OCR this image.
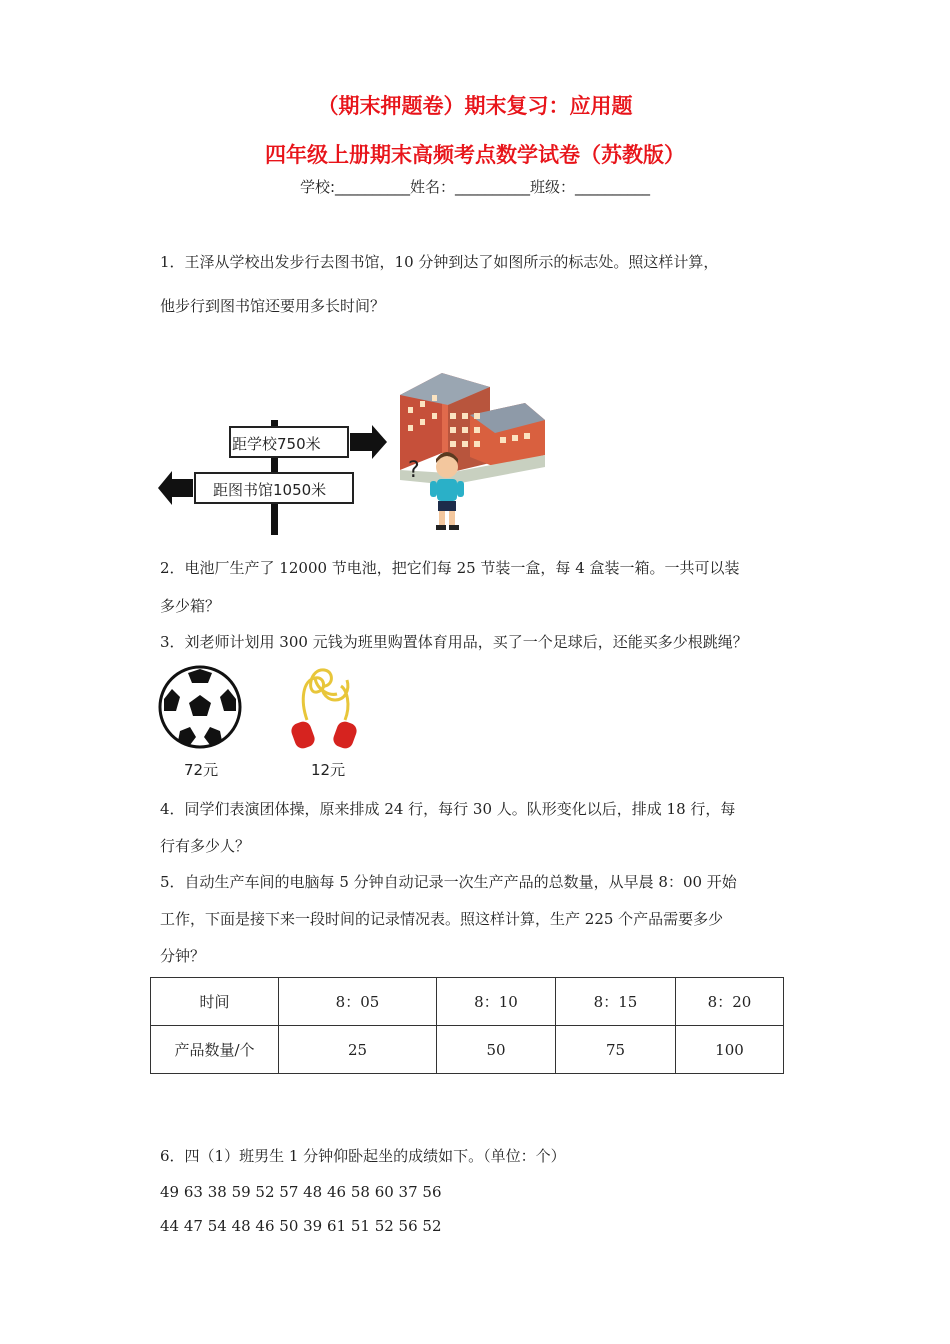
（期末押题卷）期末复习：应用题
四年级上册期末高频考点数学试卷（苏教版）
学校:__________姓名：__________班级：__________
1．王泽从学校出发步行去图书馆，10 分钟到达了如图所示的标志处。照这样计算，
他步行到图书馆还要用多长时间？
距学校750米
距图书馆1050米
?
2．电池厂生产了 12000 节电池，把它们每 25 节装一盒，每 4 盒装一箱。一共可以装
多少箱？
3．刘老师计划用 300 元钱为班里购置体育用品，买了一个足球后，还能买多少根跳绳？
72元	12元
4．同学们表演团体操，原来排成 24 行，每行 30 人。队形变化以后，排成 18 行，每
行有多少人？
5．自动生产车间的电脑每 5 分钟自动记录一次生产产品的总数量，从早晨 8：00 开始
工作，下面是接下来一段时间的记录情况表。照这样计算，生产 225 个产品需要多少
分钟？
时间	8：05	8：10	8：15	8：20
产品数量/个	25	50	75	100
6．四（1）班男生 1 分钟仰卧起坐的成绩如下。（单位：个）
49 63 38 59 52 57 48 46 58 60 37 56
44 47 54 48 46 50 39 61 51 52 56 52
